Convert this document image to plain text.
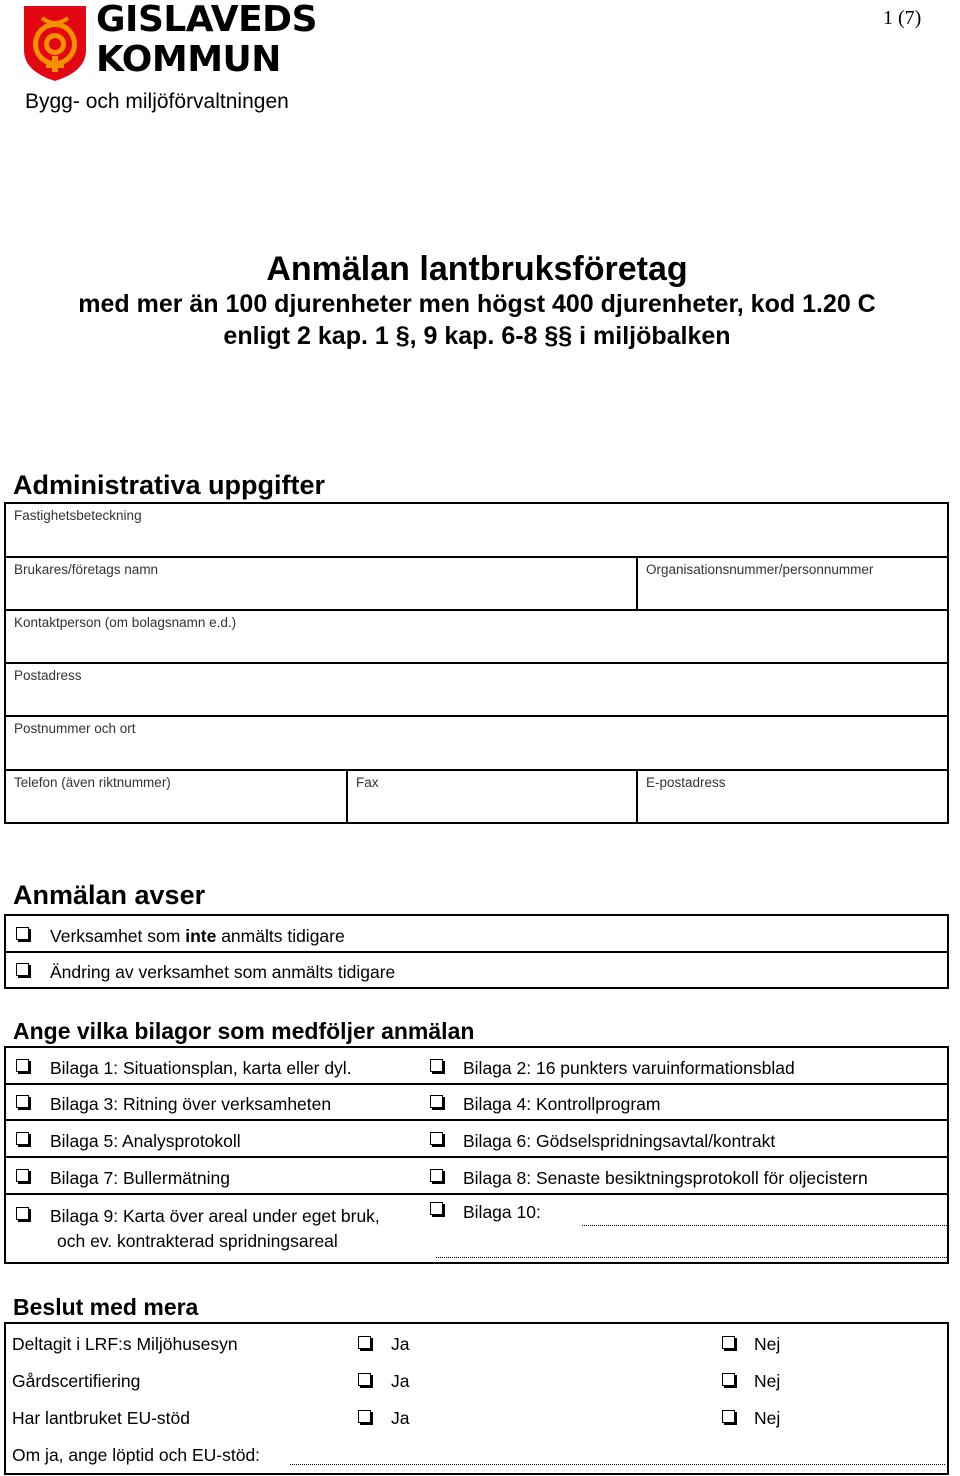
GISLAVEDS
KOMMUN
Bygg- och miljöförvaltningen
1 (7)
Anmälan lantbruksföretag
med mer än 100 djurenheter men högst 400 djurenheter, kod 1.20 C
enligt 2 kap. 1 §, 9 kap. 6-8 §§ i miljöbalken
Administrativa uppgifter
Fastighetsbeteckning
Brukares/företags namn	Organisationsnummer/personnummer
Kontaktperson (om bolagsnamn e.d.)
Postadress
Postnummer och ort
Telefon (även riktnummer)	Fax	E-postadress
Anmälan avser
Verksamhet som inte anmälts tidigare
Ändring av verksamhet som anmälts tidigare
Ange vilka bilagor som medföljer anmälan
Bilaga 1: Situationsplan, karta eller dyl.	Bilaga 2: 16 punkters varuinformationsblad
Bilaga 3: Ritning över verksamheten	Bilaga 4: Kontrollprogram
Bilaga 5: Analysprotokoll	Bilaga 6: Gödselspridningsavtal/kontrakt
Bilaga 7: Bullermätning	Bilaga 8: Senaste besiktningsprotokoll för oljecistern
Bilaga 9: Karta över areal under eget bruk,
och ev. kontrakterad spridningsareal
Bilaga 10:
Beslut med mera
Deltagit i LRF:s Miljöhusesyn	Ja	Nej
Gårdscertifiering	Ja	Nej
Har lantbruket EU-stöd	Ja	Nej
Om ja, ange löptid och EU-stöd:
